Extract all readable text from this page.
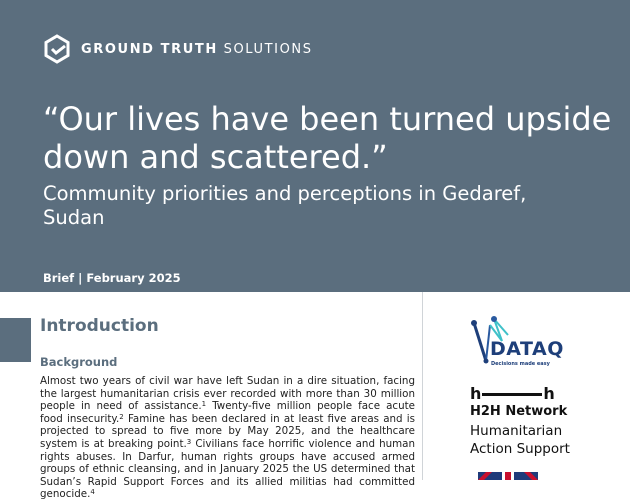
GROUND TRUTH SOLUTIONS
“Our lives have been turned upside down and scattered.”
Community priorities and perceptions in Gedaref, Sudan
Brief | February 2025
Introduction
Background
Almost two years of civil war have left Sudan in a dire situation, facing the largest humanitarian crisis ever recorded with more than 30 million people in need of assistance.$^1$ Twenty-five million people face acute food insecurity.$^2$ Famine has been declared in at least five areas and is projected to spread to five more by May 2025, and the healthcare system is at breaking point.$^3$ Civilians face horrific violence and human rights abuses. In Darfur, human rights groups have accused armed groups of ethnic cleansing, and in January 2025 the US determined that Sudan’s Rapid Support Forces and its allied militias had committed genocide.$^4$
DATAQ
Decisions made easy
h	h
H2H Network
Humanitarian
Action Support
